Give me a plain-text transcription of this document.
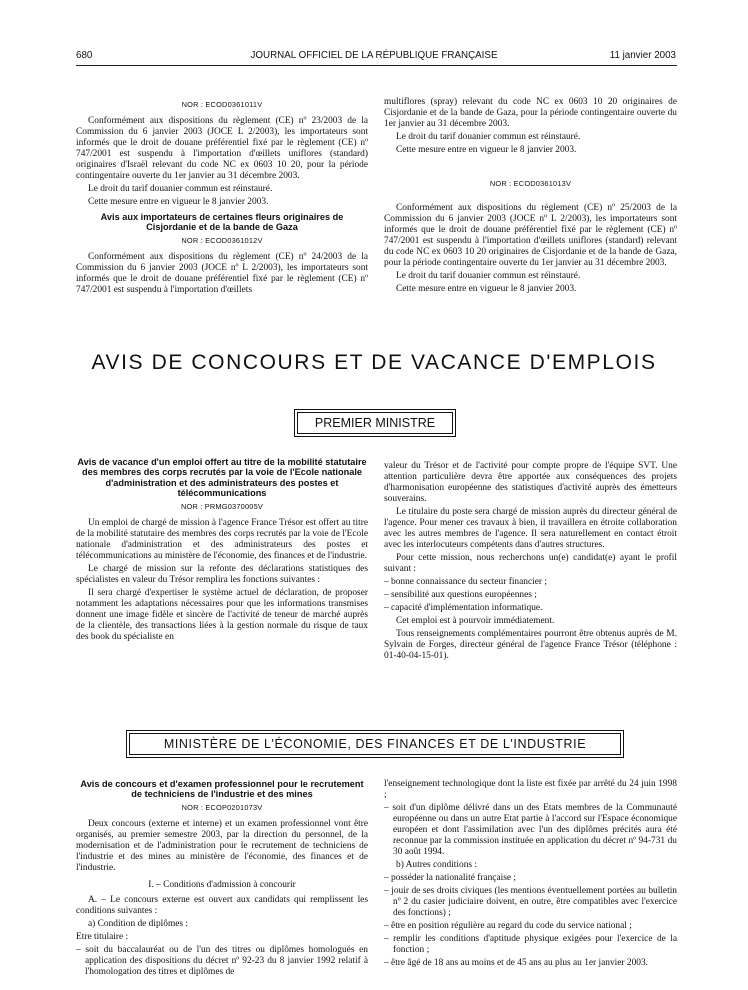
680	JOURNAL OFFICIEL DE LA RÉPUBLIQUE FRANÇAISE	11 janvier 2003

NOR : ECOD0361011V

Conformément aux dispositions du règlement (CE) nº 23/2003 de la Commission du 6 janvier 2003 (JOCE L 2/2003), les importateurs sont informés que le droit de douane préférentiel fixé par le règlement (CE) nº 747/2001 est suspendu à l'importation d'œillets uniflores (standard) originaires d'Israël relevant du code NC ex 0603 10 20, pour la période contingentaire ouverte du 1er janvier au 31 décembre 2003.

Le droit du tarif douanier commun est réinstauré.

Cette mesure entre en vigueur le 8 janvier 2003.

Avis aux importateurs de certaines fleurs originaires de Cisjordanie et de la bande de Gaza

NOR : ECOD0361012V

Conformément aux dispositions du règlement (CE) nº 24/2003 de la Commission du 6 janvier 2003 (JOCE nº L 2/2003), les importateurs sont informés que le droit de douane préférentiel fixé par le règlement (CE) nº 747/2001 est suspendu à l'importation d'œillets

multiflores (spray) relevant du code NC ex 0603 10 20 originaires de Cisjordanie et de la bande de Gaza, pour la période contingentaire ouverte du 1er janvier au 31 décembre 2003.

Le droit du tarif douanier commun est réinstauré.

Cette mesure entre en vigueur le 8 janvier 2003.

NOR : ECOD0361013V

Conformément aux dispositions du règlement (CE) nº 25/2003 de la Commission du 6 janvier 2003 (JOCE nº L 2/2003), les importateurs sont informés que le droit de douane préférentiel fixé par le règlement (CE) nº 747/2001 est suspendu à l'importation d'œillets uniflores (standard) relevant du code NC ex 0603 10 20 originaires de Cisjordanie et de la bande de Gaza, pour la période contingentaire ouverte du 1er janvier au 31 décembre 2003.

Le droit du tarif douanier commun est réinstauré.

Cette mesure entre en vigueur le 8 janvier 2003.

AVIS DE CONCOURS ET DE VACANCE D'EMPLOIS
PREMIER MINISTRE
Avis de vacance d'un emploi offert au titre de la mobilité statutaire des membres des corps recrutés par la voie de l'Ecole nationale d'administration et des administrateurs des postes et télécommunications

NOR : PRMG0370005V

Un emploi de chargé de mission à l'agence France Trésor est offert au titre de la mobilité statutaire des membres des corps recrutés par la voie de l'Ecole nationale d'administration et des administrateurs des postes et télécommunications au ministère de l'économie, des finances et de l'industrie.

Le chargé de mission sur la refonte des déclarations statistiques des spécialistes en valeur du Trésor remplira les fonctions suivantes :

Il sera chargé d'expertiser le système actuel de déclaration, de proposer notamment les adaptations nécessaires pour que les informations transmises donnent une image fidèle et sincère de l'activité de teneur de marché auprès de la clientèle, des transactions liées à la gestion normale du risque de taux des book du spécialiste en

valeur du Trésor et de l'activité pour compte propre de l'équipe SVT. Une attention particulière devra être apportée aux conséquences des projets d'harmonisation européenne des statistiques d'activité auprès des émetteurs souverains.

Le titulaire du poste sera chargé de mission auprès du directeur général de l'agence. Pour mener ces travaux à bien, il travaillera en étroite collaboration avec les autres membres de l'agence. Il sera naturellement en contact étroit avec les interlocuteurs compétents dans d'autres structures.

Pour cette mission, nous recherchons un(e) candidat(e) ayant le profil suivant :

– bonne connaissance du secteur financier ;

– sensibilité aux questions européennes ;

– capacité d'implémentation informatique.

Cet emploi est à pourvoir immédiatement.

Tous renseignements complémentaires pourront être obtenus auprès de M. Sylvain de Forges, directeur général de l'agence France Trésor (téléphone : 01-40-04-15-01).

MINISTÈRE DE L'ÉCONOMIE, DES FINANCES ET DE L'INDUSTRIE
Avis de concours et d'examen professionnel pour le recrutement de techniciens de l'industrie et des mines

NOR : ECOP0201073V

Deux concours (externe et interne) et un examen professionnel vont être organisés, au premier semestre 2003, par la direction du personnel, de la modernisation et de l'administration pour le recrutement de techniciens de l'industrie et des mines au ministère de l'économie, des finances et de l'industrie.

I. – Conditions d'admission à concourir

A. – Le concours externe est ouvert aux candidats qui remplissent les conditions suivantes :

a) Condition de diplômes :

Etre titulaire :

– soit du baccalauréat ou de l'un des titres ou diplômes homologués en application des dispositions du décret nº 92-23 du 8 janvier 1992 relatif à l'homologation des titres et diplômes de

l'enseignement technologique dont la liste est fixée par arrêté du 24 juin 1998 ;

– soit d'un diplôme délivré dans un des Etats membres de la Communauté européenne ou dans un autre Etat partie à l'accord sur l'Espace économique européen et dont l'assimilation avec l'un des diplômes précités aura été reconnue par la commission instituée en application du décret nº 94-731 du 30 août 1994.

b) Autres conditions :

– posséder la nationalité française ;

– jouir de ses droits civiques (les mentions éventuellement portées au bulletin nº 2 du casier judiciaire doivent, en outre, être compatibles avec l'exercice des fonctions) ;

– être en position régulière au regard du code du service national ;

– remplir les conditions d'aptitude physique exigées pour l'exercice de la fonction ;

– être âgé de 18 ans au moins et de 45 ans au plus au 1er janvier 2003.
